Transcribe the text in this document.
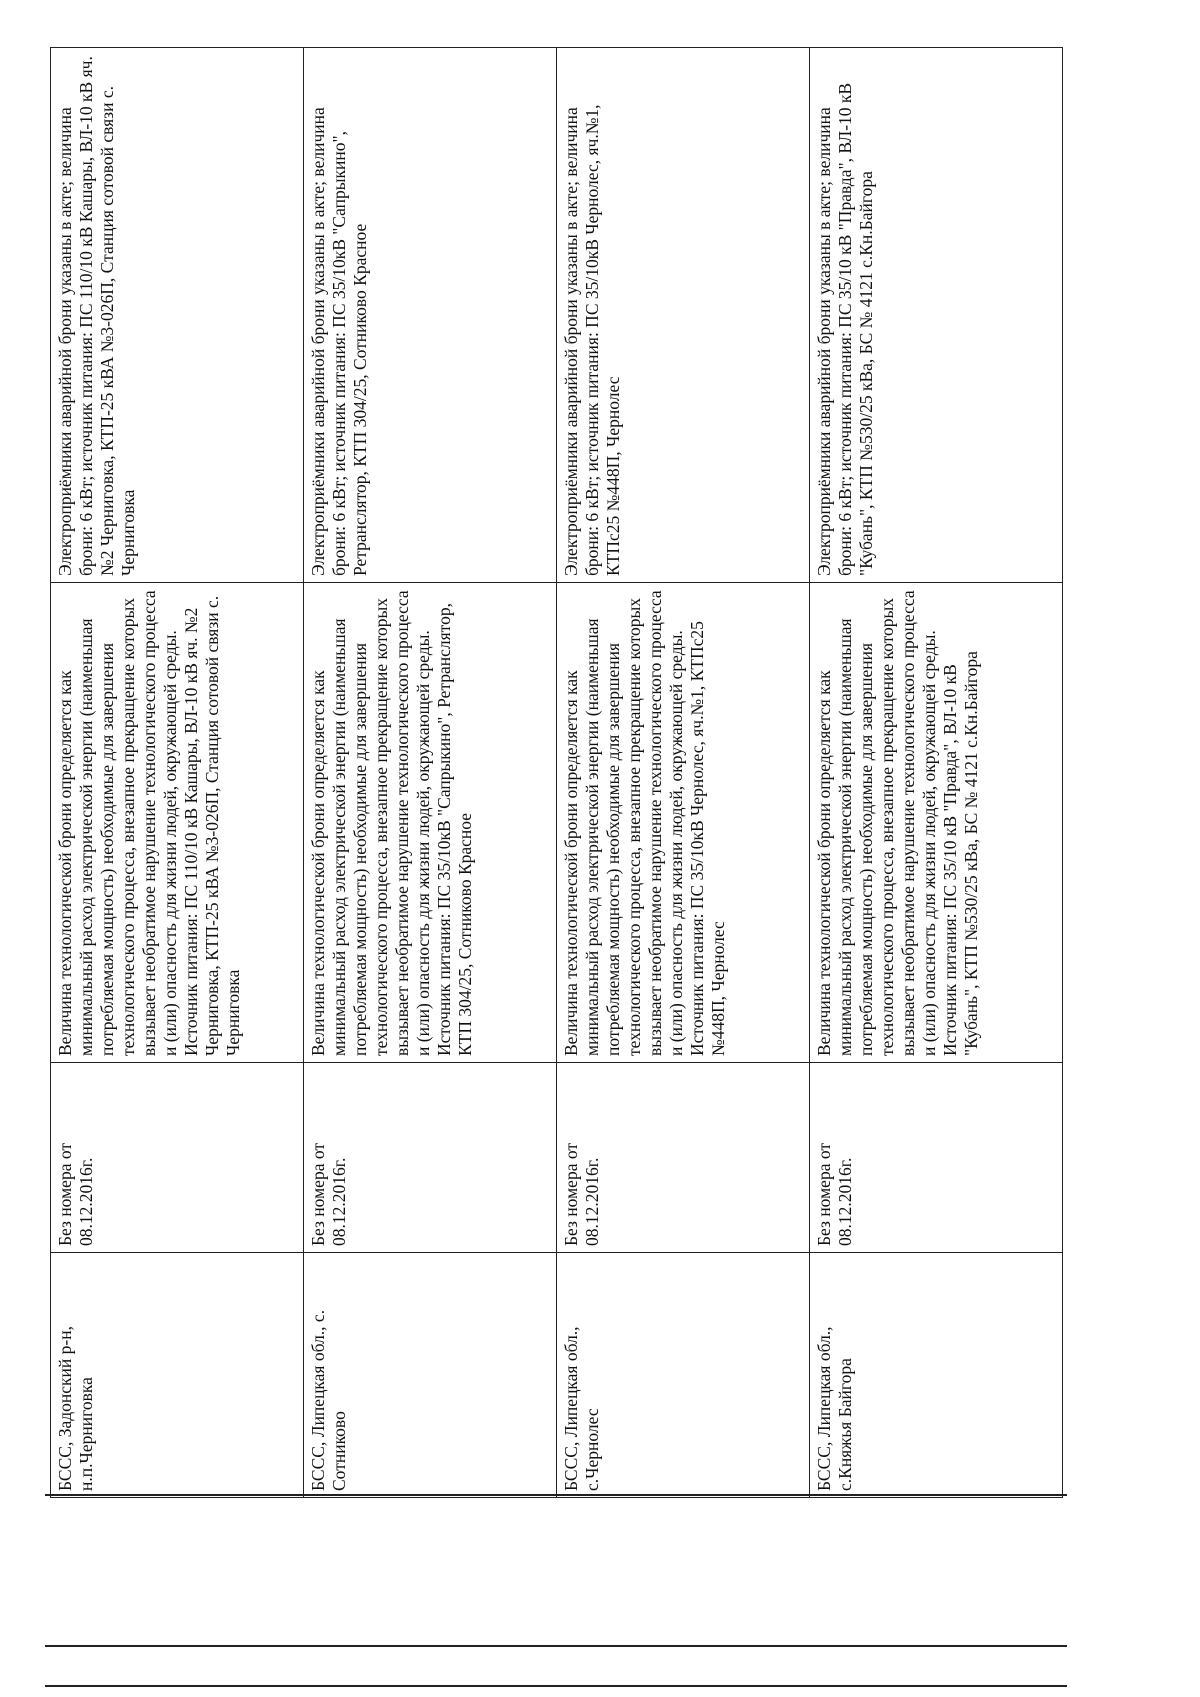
БССС, Задонский р-н, н.п.Черниговка	Без номера от 08.12.2016г.	Величина технологической брони определяется как минимальный расход электрической энергии (наименьшая потребляемая мощность) необходимые для завершения технологического процесса, внезапное прекращение которых вызывает необратимое нарушение технологического процесса и (или) опасность для жизни людей, окружающей среды. Источник питания: ПС 110/10 кВ Кашары, ВЛ-10 кВ яч. №2 Черниговка, КТП-25 кВА №3-026П, Станция сотовой связи с. Черниговка	Электроприёмники аварийной брони указаны в акте; величина брони: 6 кВт; источник питания: ПС 110/10 кВ Кашары, ВЛ-10 кВ яч. №2 Черниговка, КТП-25 кВА №3-026П, Станция сотовой связи с. Черниговка
БССС, Липецкая обл., с. Сотниково	Без номера от 08.12.2016г.	Величина технологической брони определяется как минимальный расход электрической энергии (наименьшая потребляемая мощность) необходимые для завершения технологического процесса, внезапное прекращение которых вызывает необратимое нарушение технологического процесса и (или) опасность для жизни людей, окружающей среды. Источник питания: ПС 35/10кВ "Сапрыкино", Ретранслятор, КТП 304/25, Сотниково Красное	Электроприёмники аварийной брони указаны в акте; величина брони: 6 кВт; источник питания: ПС 35/10кВ "Сапрыкино", Ретранслятор, КТП 304/25, Сотниково Красное
БССС, Липецкая обл., с.Чернолес	Без номера от 08.12.2016г.	Величина технологической брони определяется как минимальный расход электрической энергии (наименьшая потребляемая мощность) необходимые для завершения технологического процесса, внезапное прекращение которых вызывает необратимое нарушение технологического процесса и (или) опасность для жизни людей, окружающей среды. Источник питания: ПС 35/10кВ Чернолес, яч.№1, КТПс25 №448П, Чернолес	Электроприёмники аварийной брони указаны в акте; величина брони: 6 кВт; источник питания: ПС 35/10кВ Чернолес, яч.№1, КТПс25 №448П, Чернолес
БССС, Липецкая обл., с.Княжья Байгора	Без номера от 08.12.2016г.	Величина технологической брони определяется как минимальный расход электрической энергии (наименьшая потребляемая мощность) необходимые для завершения технологического процесса, внезапное прекращение которых вызывает необратимое нарушение технологического процесса и (или) опасность для жизни людей, окружающей среды. Источник питания: ПС 35/10 кВ "Правда", ВЛ-10 кВ "Кубань", КТП №530/25 кВа, БС № 4121 с.Кн.Байгора	Электроприёмники аварийной брони указаны в акте; величина брони: 6 кВт; источник питания: ПС 35/10 кВ "Правда", ВЛ-10 кВ "Кубань", КТП №530/25 кВа, БС № 4121 с.Кн.Байгора
